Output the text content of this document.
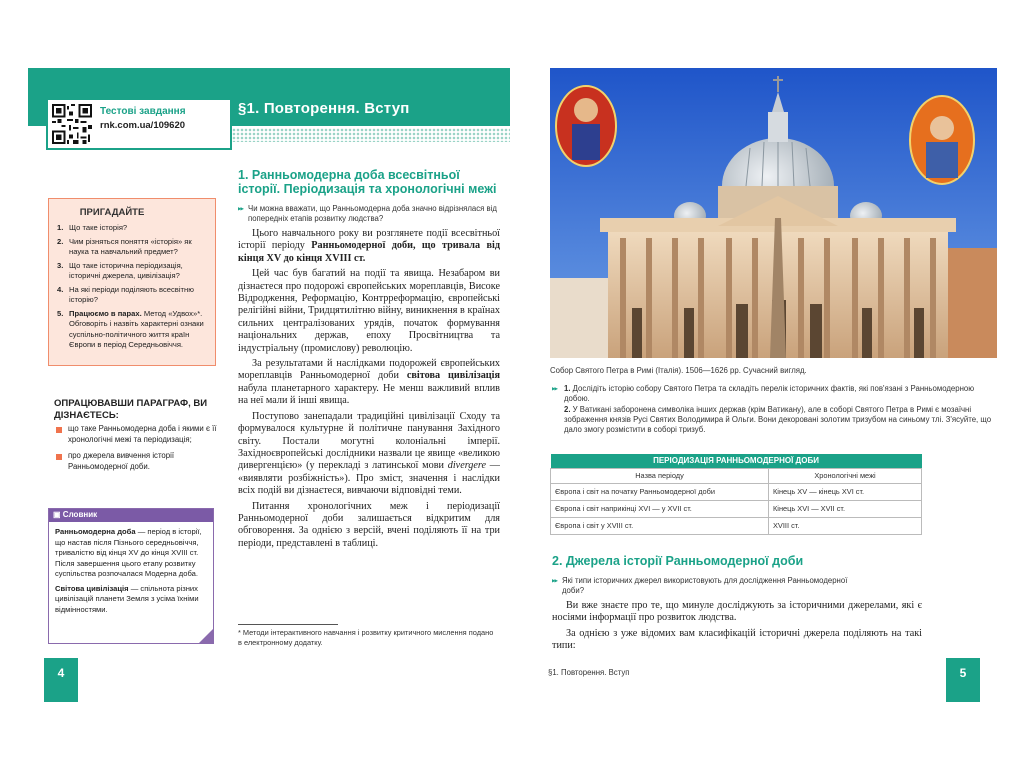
Тестові завдання
rnk.com.ua/109620
§1. Повторення. Вступ
ПРИГАДАЙТЕ
1. Що таке історія?
2. Чим різняться поняття «історія» як наука та навчальний предмет?
3. Що таке історична періодизація, історичні джерела, цивілізація?
4. На які періоди поділяють всесвітню історію?
5. Працюємо в парах. Метод «Удвох»*. Обговоріть і назвіть характерні ознаки суспільно-політичного життя країн Європи в період Середньовіччя.
ОПРАЦЮВАВШИ ПАРАГРАФ, ВИ ДІЗНАЄТЕСЬ:
що таке Ранньомодерна доба і якими є її хронологічні межі та періодизація;
про джерела вивчення історії Ранньомодерної доби.
▣ Словник

Ранньомодерна доба — період в історії, що настав після Пізнього середньовіччя, тривалістю від кінця XV до кінця XVIII ст. Після завершення цього етапу розвитку суспільства розпочалася Модерна доба.

Світова цивілізація — спільнота різних цивілізацій планети Земля з усіма їхніми відмінностями.

1. Ранньомодерна доба всесвітньої історії. Періодизація та хронологічні межі
▶▶ Чи можна вважати, що Ранньомодерна доба значно відрізнялася від попередніх етапів розвитку людства?

Цього навчального року ви розглянете події всесвітньої історії періоду Ранньомодерної доби, що тривала від кінця XV до кінця XVIII ст.

Цей час був багатий на події та явища. Незабаром ви дізнаєтеся про подорожі європейських мореплавців, Високе Відродження, Реформацію, Контрреформацію, європейські релігійні війни, Тридцятилітню війну, виникнення в країнах сильних централізованих урядів, початок формування національних держав, епоху Просвітництва та індустріальну (промислову) революцію.

За результатами й наслідками подорожей європейських мореплавців Ранньомодерної доби світова цивілізація набула планетарного характеру. Не менш важливий вплив на неї мали й інші явища.

Поступово занепадали традиційні цивілізації Сходу та формувалося культурне й політичне панування Західного світу. Постали могутні колоніальні імперії. Західноєвропейські дослідники назвали це явище «великою дивергенцією» (у перекладі з латинської мови divergere — «виявляти розбіжність»). Про зміст, значення і наслідки всіх подій ви дізнаєтеся, вивчаючи відповідні теми.

Питання хронологічних меж і періодизації Ранньомодерної доби залишається відкритим для обговорення. За однією з версій, вчені поділяють її на три періоди, представлені в таблиці.

* Методи інтерактивного навчання і розвитку критичного мислення подано в електронному додатку.
4
Собор Святого Петра в Римі (Італія). 1506—1626 рр. Сучасний вигляд.
▶▶ 1. Дослідіть історію собору Святого Петра та складіть перелік історичних фактів, які пов'язані з Ранньомодерною добою.
2. У Ватикані заборонена символіка інших держав (крім Ватикану), але в соборі Святого Петра в Римі є мозаїчні зображення князів Русі Святих Володимира й Ольги. Вони декоровані золотим тризубом на синьому тлі. З'ясуйте, що дало змогу розмістити в соборі тризуб.
ПЕРІОДИЗАЦІЯ РАННЬОМОДЕРНОЇ ДОБИ	
Назва періоду	Хронологічні межі
Європа і світ на початку Ранньомодерної доби	Кінець XV — кінець XVI ст.
Європа і світ наприкінці XVI — у XVII ст.	Кінець XVI — XVII ст.
Європа і світ у XVIII ст.	XVIII ст.
2. Джерела історії Ранньомодерної доби
▶▶ Які типи історичних джерел використовують для дослідження Ранньомодерної доби?

Ви вже знаєте про те, що минуле досліджують за історичними джерелами, які є носіями інформації про розвиток людства.

За однією з уже відомих вам класифікацій історичні джерела поділяють на такі типи:

§1. Повторення. Вступ	5
